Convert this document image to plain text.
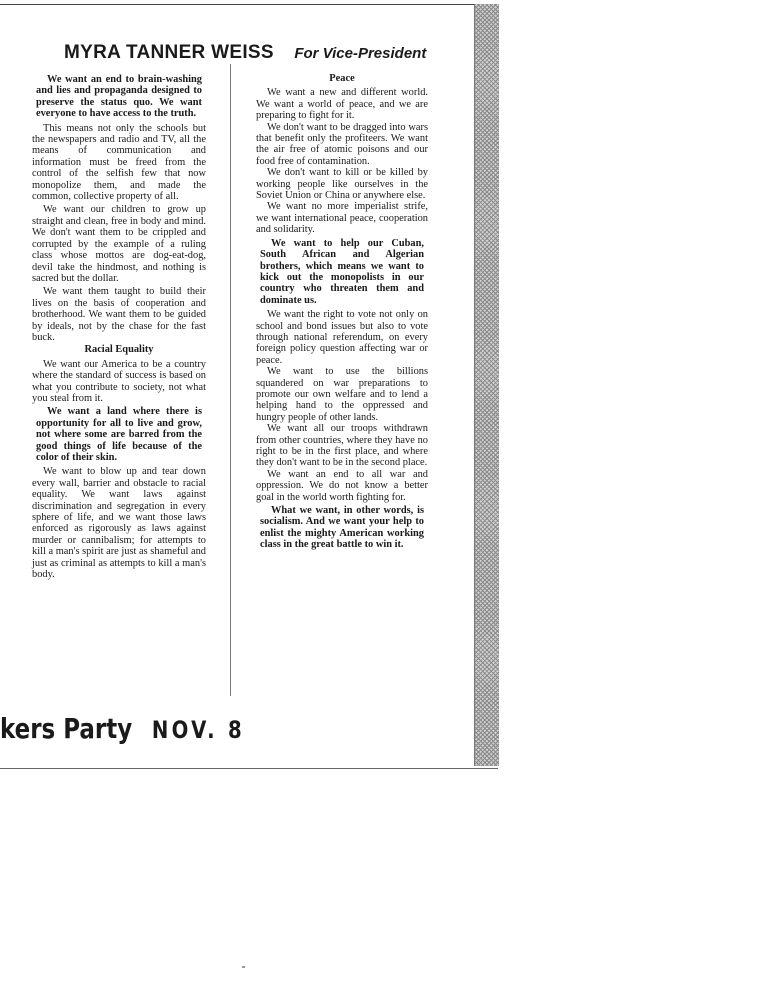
MYRA TANNER WEISS For Vice-President

We want an end to brain-washing and lies and propaganda designed to preserve the status quo. We want everyone to have access to the truth.

This means not only the schools but the newspapers and radio and TV, all the means of communication and information must be freed from the control of the selfish few that now monopolize them, and made the common, collective property of all.

We want our children to grow up straight and clean, free in body and mind. We don't want them to be crippled and corrupted by the example of a ruling class whose mottos are dog-eat-dog, devil take the hindmost, and nothing is sacred but the dollar.

We want them taught to build their lives on the basis of cooperation and brotherhood. We want them to be guided by ideals, not by the chase for the fast buck.

Racial Equality

We want our America to be a country where the standard of success is based on what you contribute to society, not what you steal from it.

We want a land where there is opportunity for all to live and grow, not where some are barred from the good things of life because of the color of their skin.

We want to blow up and tear down every wall, barrier and obstacle to racial equality. We want laws against discrimination and segregation in every sphere of life, and we want those laws enforced as rigorously as laws against murder or cannibalism; for attempts to kill a man's spirit are just as shameful and just as criminal as attempts to kill a man's body.

Peace

We want a new and different world. We want a world of peace, and we are preparing to fight for it.

We don't want to be dragged into wars that benefit only the profiteers. We want the air free of atomic poisons and our food free of contamination.

We don't want to kill or be killed by working people like ourselves in the Soviet Union or China or anywhere else.

We want no more imperialist strife, we want international peace, cooperation and solidarity.

We want to help our Cuban, South African and Algerian brothers, which means we want to kick out the monopolists in our country who threaten them and dominate us.

We want the right to vote not only on school and bond issues but also to vote through national referendum, on every foreign policy question affecting war or peace.

We want to use the billions squandered on war preparations to promote our own welfare and to lend a helping hand to the oppressed and hungry people of other lands.

We want all our troops withdrawn from other countries, where they have no right to be in the first place, and where they don't want to be in the second place.

We want an end to all war and oppression. We do not know a better goal in the world worth fighting for.

What we want, in other words, is socialism. And we want your help to enlist the mighty American working class in the great battle to win it.

kers Party NOV. 8
